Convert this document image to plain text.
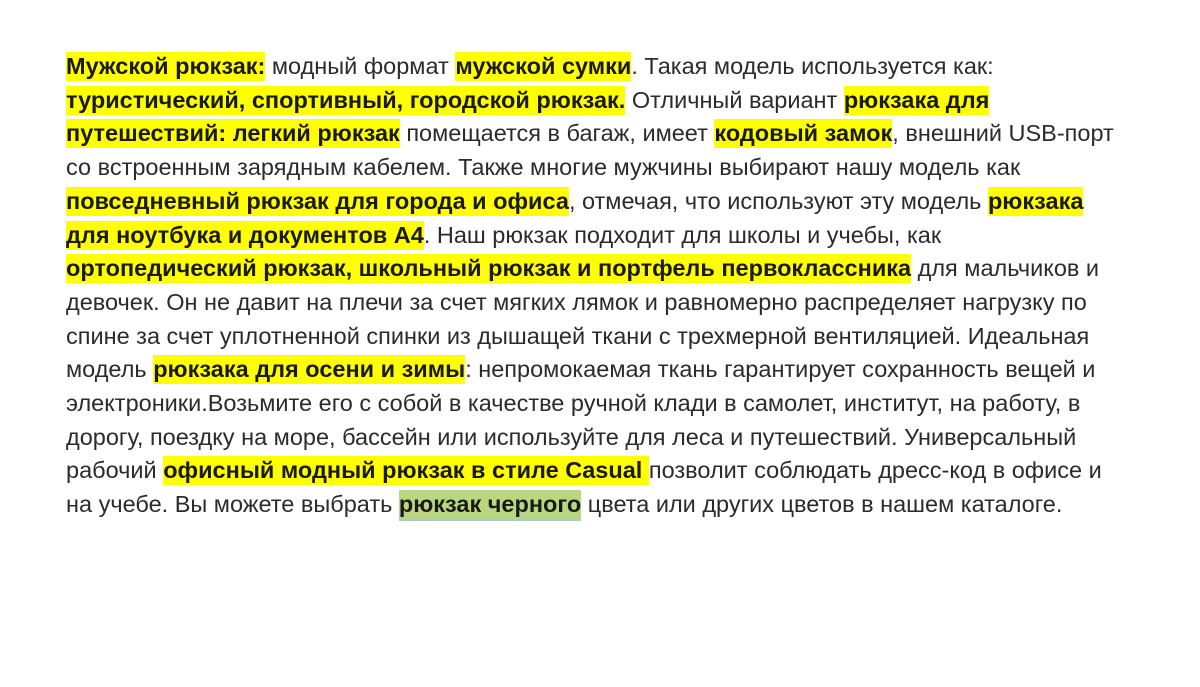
Мужской рюкзак: модный формат мужской сумки. Такая модель используется как: туристический, спортивный, городской рюкзак. Отличный вариант рюкзака для путешествий: легкий рюкзак помещается в багаж, имеет кодовый замок, внешний USB-порт со встроенным зарядным кабелем. Также многие мужчины выбирают нашу модель как повседневный рюкзак для города и офиса, отмечая, что используют эту модель рюкзака для ноутбука и документов А4. Наш рюкзак подходит для школы и учебы, как ортопедический рюкзак, школьный рюкзак и портфель первоклассника для мальчиков и девочек. Он не давит на плечи за счет мягких лямок и равномерно распределяет нагрузку по спине за счет уплотненной спинки из дышащей ткани с трехмерной вентиляцией. Идеальная модель рюкзака для осени и зимы: непромокаемая ткань гарантирует сохранность вещей и электроники.Возьмите его с собой в качестве ручной клади в самолет, институт, на работу, в дорогу, поездку на море, бассейн или используйте для леса и путешествий. Универсальный рабочий офисный модный рюкзак в стиле Casual позволит соблюдать дресс-код в офисе и на учебе. Вы можете выбрать рюкзак черного цвета или других цветов в нашем каталоге.
